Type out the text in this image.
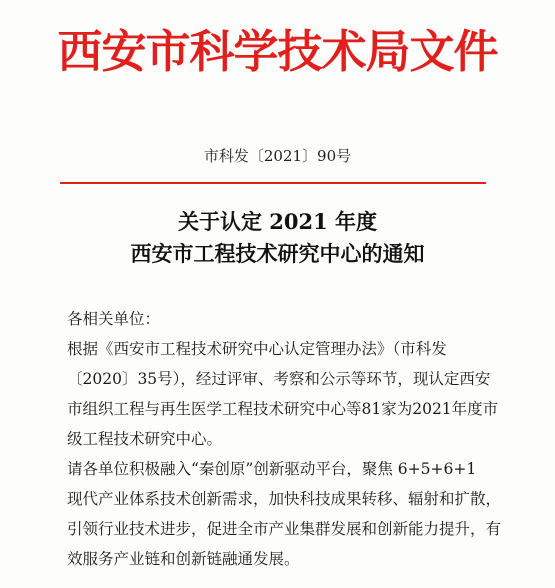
西安市科学技术局文件
市科发〔2021〕90号
关于认定 2021 年度
西安市工程技术研究中心的通知
各相关单位：
根据《西安市工程技术研究中心认定管理办法》（市科发
〔2020〕35号），经过评审、考察和公示等环节，现认定西安
市组织工程与再生医学工程技术研究中心等81家为2021年度市
级工程技术研究中心。
请各单位积极融入“秦创原”创新驱动平台，聚焦 6+5+6+1
现代产业体系技术创新需求，加快科技成果转移、辐射和扩散，
引领行业技术进步，促进全市产业集群发展和创新能力提升，有
效服务产业链和创新链融通发展。
